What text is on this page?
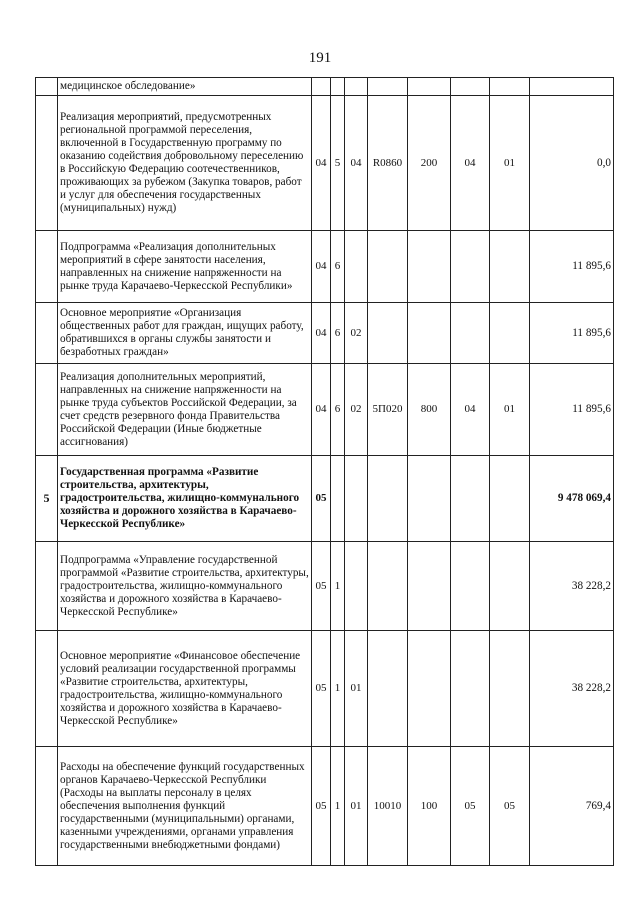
191
	медицинское обследование»								
	Реализация мероприятий, предусмотренных региональной программой переселения, включенной в Государственную программу по оказанию содействия добровольному переселению в Российскую Федерацию соотечественников, проживающих за рубежом (Закупка товаров, работ и услуг для обеспечения государственных (муниципальных) нужд)	04	5	04	R0860	200	04	01	0,0
	Подпрограмма «Реализация дополнительных мероприятий в сфере занятости населения, направленных на снижение напряженности на рынке труда Карачаево-Черкесской Республики»	04	6						11 895,6
	Основное мероприятие «Организация общественных работ для граждан, ищущих работу, обратившихся в органы службы занятости и безработных граждан»	04	6	02					11 895,6
	Реализация дополнительных мероприятий, направленных на снижение напряженности на рынке труда субъектов Российской Федерации, за счет средств резервного фонда Правительства Российской Федерации (Иные бюджетные ассигнования)	04	6	02	5П020	800	04	01	11 895,6
5	Государственная программа «Развитие строительства, архитектуры, градостроительства, жилищно-коммунального хозяйства и дорожного хозяйства в Карачаево-Черкесской Республике»	05							9 478 069,4
	Подпрограмма «Управление государственной программой «Развитие строительства, архитектуры, градостроительства, жилищно-коммунального хозяйства и дорожного хозяйства в Карачаево-Черкесской Республике»	05	1						38 228,2
	Основное мероприятие «Финансовое обеспечение условий реализации государственной программы «Развитие строительства, архитектуры, градостроительства, жилищно-коммунального хозяйства и дорожного хозяйства в Карачаево-Черкесской Республике»	05	1	01					38 228,2
	Расходы на обеспечение функций государственных органов Карачаево-Черкесской Республики (Расходы на выплаты персоналу в целях обеспечения выполнения функций государственными (муниципальными) органами, казенными учреждениями, органами управления государственными внебюджетными фондами)	05	1	01	10010	100	05	05	769,4
